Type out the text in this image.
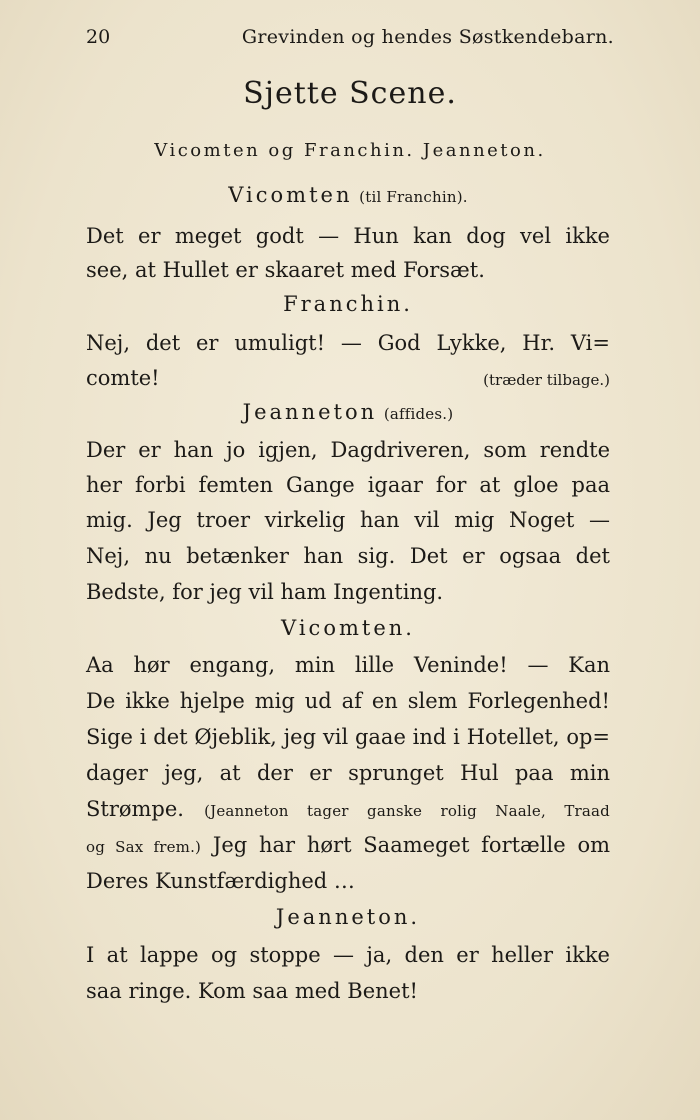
20	Grevinden og hendes Søstkendebarn.
Sjette Scene.
Vicomten og Franchin. Jeanneton.
Vicomten (til Franchin).
Det er meget godt — Hun kan dog vel ikke
see, at Hullet er skaaret med Forsæt.
Franchin.
Nej, det er umuligt! — God Lykke, Hr. Vi=
comte!	(træder tilbage.)
Jeanneton (affides.)
Der er han jo igjen, Dagdriveren, som rendte
her forbi femten Gange igaar for at gloe paa
mig. Jeg troer virkelig han vil mig Noget —
Nej, nu betænker han sig. Det er ogsaa det
Bedste, for jeg vil ham Ingenting.
Vicomten.
Aa hør engang, min lille Veninde! — Kan
De ikke hjelpe mig ud af en slem Forlegenhed!
Sige i det Øjeblik, jeg vil gaae ind i Hotellet, op=
dager jeg, at der er sprunget Hul paa min
Strømpe. (Jeanneton tager ganske rolig Naale, Traad
og Sax frem.) Jeg har hørt Saameget fortælle om
Deres Kunstfærdighed …
Jeanneton.
I at lappe og stoppe — ja, den er heller ikke
saa ringe. Kom saa med Benet!
